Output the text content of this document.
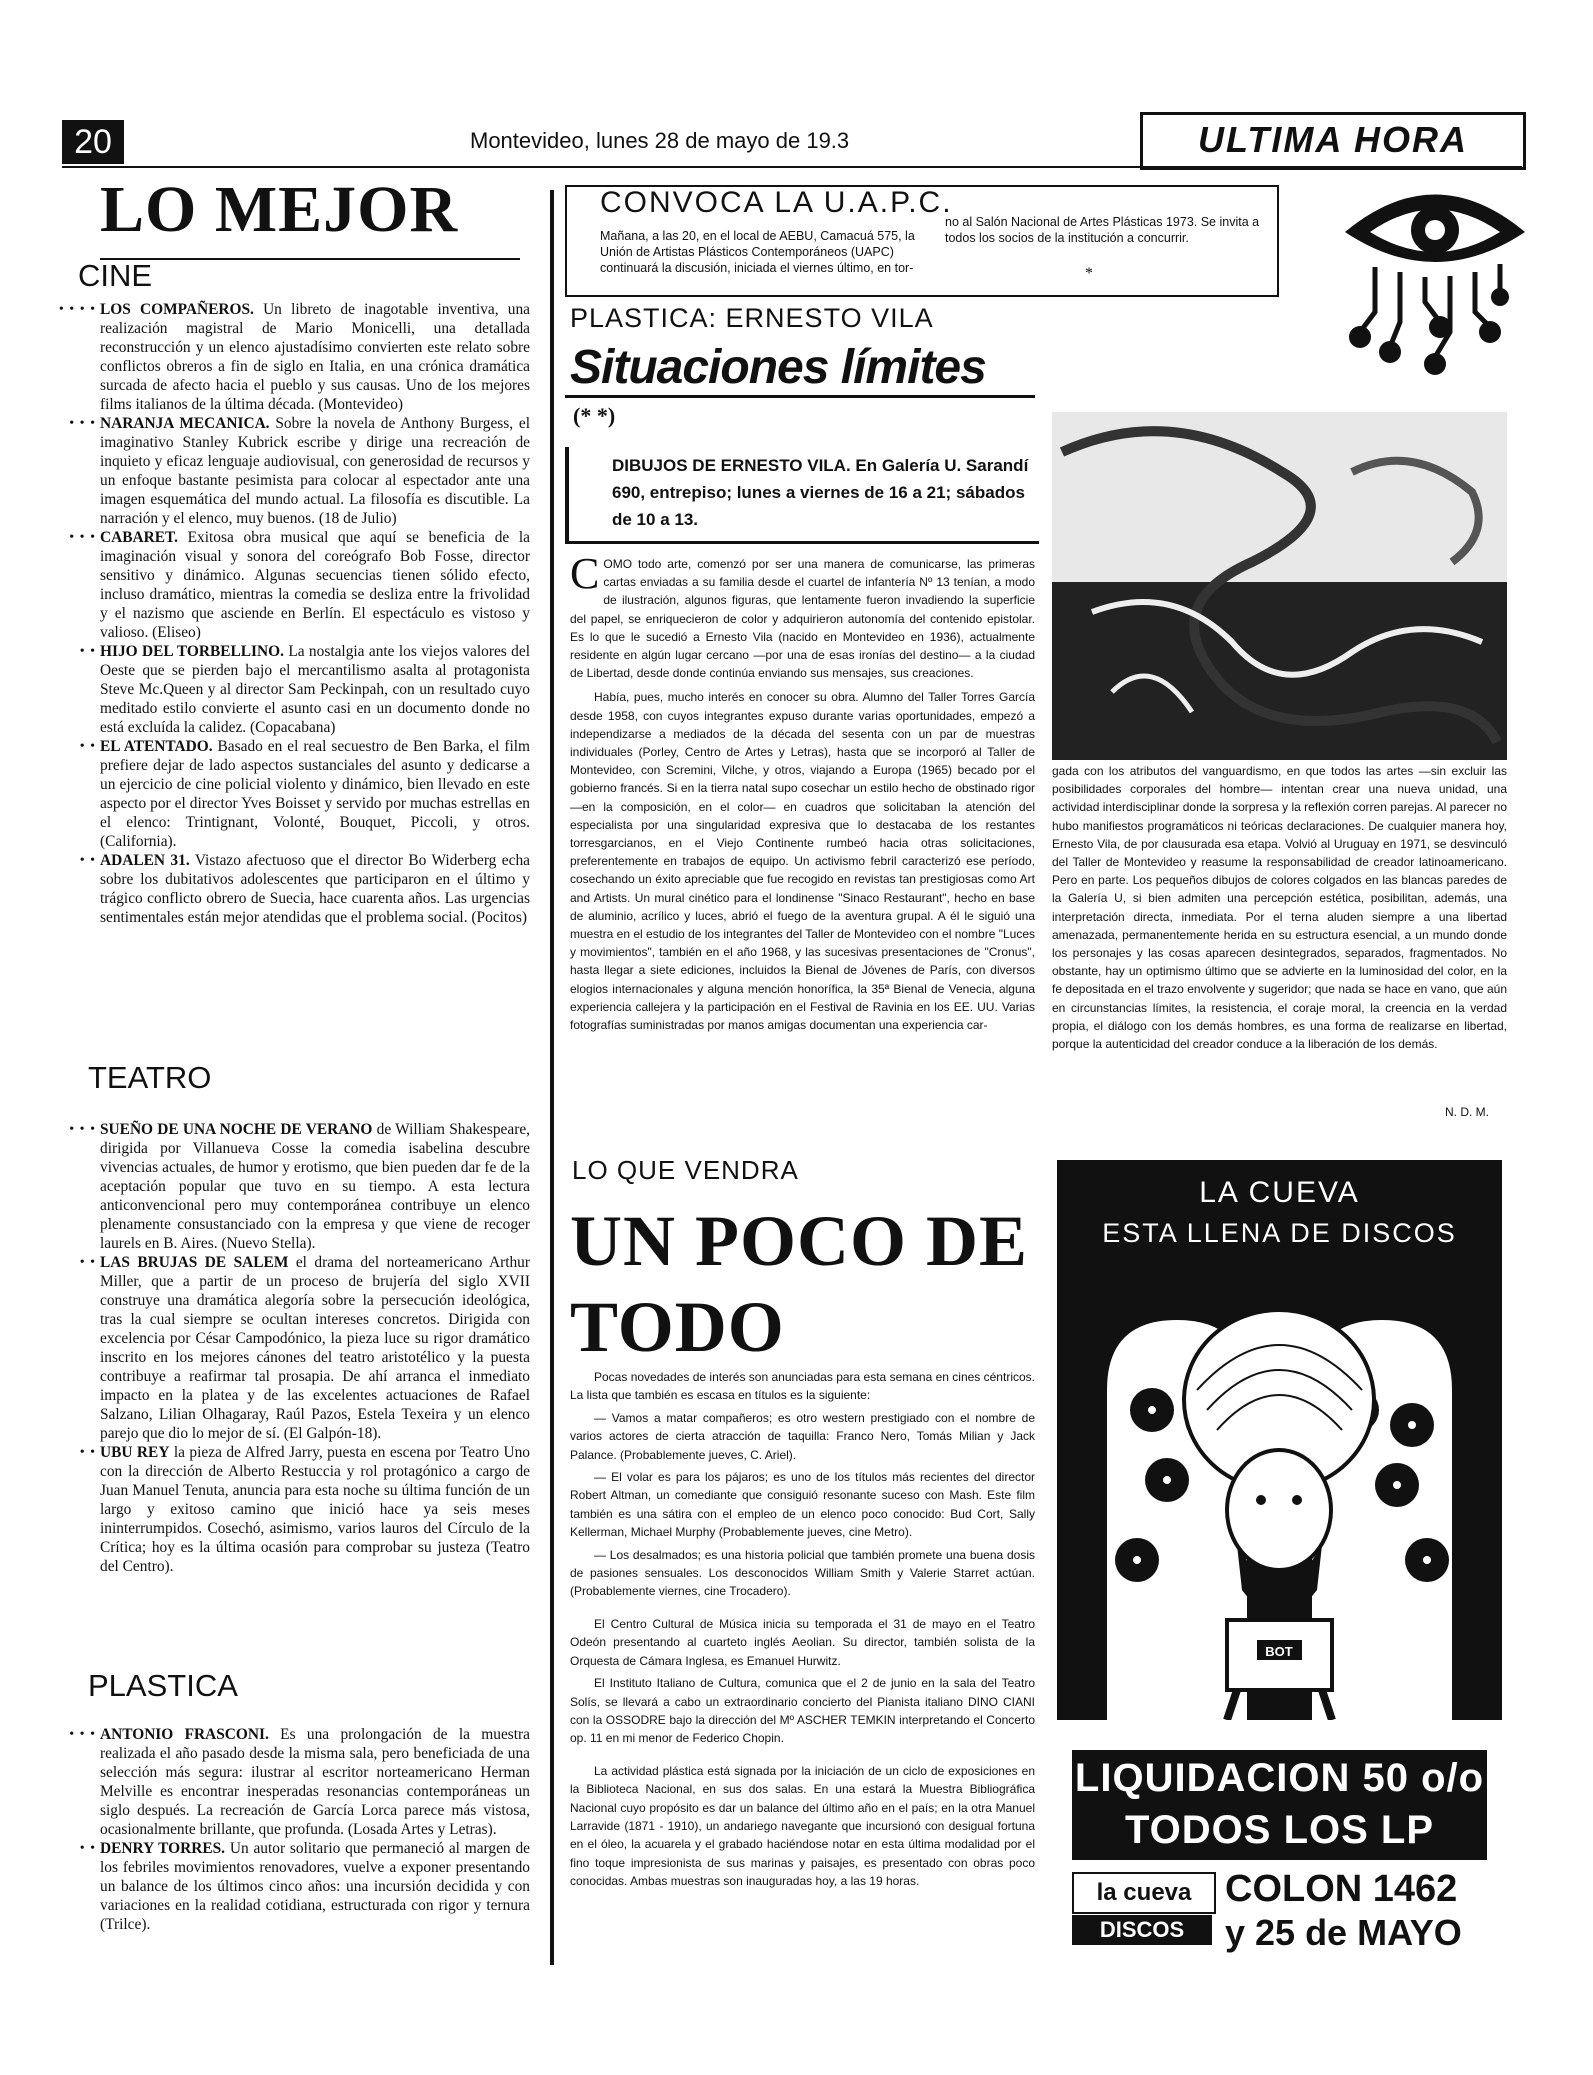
20	Montevideo, lunes 28 de mayo de 19.3	ULTIMA HORA
LO MEJOR
CINE

• • • • LOS COMPAÑEROS. Un libreto de inagotable inventiva, una realización magistral de Mario Monicelli, una detallada reconstrucción y un elenco ajustadísimo convierten este relato sobre conflictos obreros a fin de siglo en Italia, en una crónica dramática surcada de afecto hacia el pueblo y sus causas. Uno de los mejores films italianos de la última década. (Montevideo)

• • • NARANJA MECANICA. Sobre la novela de Anthony Burgess, el imaginativo Stanley Kubrick escribe y dirige una recreación de inquieto y eficaz lenguaje audiovisual, con generosidad de recursos y un enfoque bastante pesimista para colocar al espectador ante una imagen esquemática del mundo actual. La filosofía es discutible. La narración y el elenco, muy buenos. (18 de Julio)

• • • CABARET. Exitosa obra musical que aquí se beneficia de la imaginación visual y sonora del coreógrafo Bob Fosse, director sensitivo y dinámico. Algunas secuencias tienen sólido efecto, incluso dramático, mientras la comedia se desliza entre la frivolidad y el nazismo que asciende en Berlín. El espectáculo es vistoso y valioso. (Eliseo)

• • HIJO DEL TORBELLINO. La nostalgia ante los viejos valores del Oeste que se pierden bajo el mercantilismo asalta al protagonista Steve Mc.Queen y al director Sam Peckinpah, con un resultado cuyo meditado estilo convierte el asunto casi en un documento donde no está excluída la calidez. (Copacabana)

• • EL ATENTADO. Basado en el real secuestro de Ben Barka, el film prefiere dejar de lado aspectos sustanciales del asunto y dedicarse a un ejercicio de cine policial violento y dinámico, bien llevado en este aspecto por el director Yves Boisset y servido por muchas estrellas en el elenco: Trintignant, Volonté, Bouquet, Piccoli, y otros. (California).

• • ADALEN 31. Vistazo afectuoso que el director Bo Widerberg echa sobre los dubitativos adolescentes que participaron en el último y trágico conflicto obrero de Suecia, hace cuarenta años. Las urgencias sentimentales están mejor atendidas que el problema social. (Pocitos)

TEATRO

• • • SUEÑO DE UNA NOCHE DE VERANO de William Shakespeare, dirigida por Villanueva Cosse la comedia isabelina descubre vivencias actuales, de humor y erotismo, que bien pueden dar fe de la aceptación popular que tuvo en su tiempo. A esta lectura anticonvencional pero muy contemporánea contribuye un elenco plenamente consustanciado con la empresa y que viene de recoger laurels en B. Aires. (Nuevo Stella).

• • LAS BRUJAS DE SALEM el drama del norteamericano Arthur Miller, que a partir de un proceso de brujería del siglo XVII construye una dramática alegoría sobre la persecución ideológica, tras la cual siempre se ocultan intereses concretos. Dirigida con excelencia por César Campodónico, la pieza luce su rigor dramático inscrito en los mejores cánones del teatro aristotélico y la puesta contribuye a reafirmar tal prosapia. De ahí arranca el inmediato impacto en la platea y de las excelentes actuaciones de Rafael Salzano, Lilian Olhagaray, Raúl Pazos, Estela Texeira y un elenco parejo que dio lo mejor de sí. (El Galpón-18).

• • UBU REY la pieza de Alfred Jarry, puesta en escena por Teatro Uno con la dirección de Alberto Restuccia y rol protagónico a cargo de Juan Manuel Tenuta, anuncia para esta noche su última función de un largo y exitoso camino que inició hace ya seis meses ininterrumpidos. Cosechó, asimismo, varios lauros del Círculo de la Crítica; hoy es la última ocasión para comprobar su justeza (Teatro del Centro).

PLASTICA

• • • ANTONIO FRASCONI. Es una prolongación de la muestra realizada el año pasado desde la misma sala, pero beneficiada de una selección más segura: ilustrar al escritor norteamericano Herman Melville es encontrar inesperadas resonancias contemporáneas un siglo después. La recreación de García Lorca parece más vistosa, ocasionalmente brillante, que profunda. (Losada Artes y Letras).

• • DENRY TORRES. Un autor solitario que permaneció al margen de los febriles movimientos renovadores, vuelve a exponer presentando un balance de los últimos cinco años: una incursión decidida y con variaciones en la realidad cotidiana, estructurada con rigor y ternura (Trilce).

CONVOCA LA U.A.P.C.
Mañana, a las 20, en el local de AEBU, Camacuá 575, la Unión de Artistas Plásticos Contemporáneos (UAPC) continuará la discusión, iniciada el viernes último, en tor-
no al Salón Nacional de Artes Plásticas 1973. Se invita a todos los socios de la institución a concurrir.
*
PLASTICA: ERNESTO VILA
Situaciones límites
(* *)
DIBUJOS DE ERNESTO VILA. En Galería U. Sarandí 690, entrepiso; lunes a viernes de 16 a 21; sábados de 10 a 13.
COMO todo arte, comenzó por ser una manera de comunicarse, las primeras cartas enviadas a su familia desde el cuartel de infantería Nº 13 tenían, a modo de ilustración, algunos figuras, que lentamente fueron invadiendo la superficie del papel, se enriquecieron de color y adquirieron autonomía del contenido epistolar. Es lo que le sucedió a Ernesto Vila (nacido en Montevideo en 1936), actualmente residente en algún lugar cercano —por una de esas ironías del destino— a la ciudad de Libertad, desde donde continúa enviando sus mensajes, sus creaciones.
Había, pues, mucho interés en conocer su obra. Alumno del Taller Torres García desde 1958, con cuyos integrantes expuso durante varias oportunidades, empezó a independizarse a mediados de la década del sesenta con un par de muestras individuales (Porley, Centro de Artes y Letras), hasta que se incorporó al Taller de Montevideo, con Scremini, Vilche, y otros, viajando a Europa (1965) becado por el gobierno francés. Si en la tierra natal supo cosechar un estilo hecho de obstinado rigor —en la composición, en el color— en cuadros que solicitaban la atención del especialista por una singularidad expresiva que lo destacaba de los restantes torresgarcianos, en el Viejo Continente rumbeó hacia otras solicitaciones, preferentemente en trabajos de equipo. Un activismo febril caracterizó ese período, cosechando un éxito apreciable que fue recogido en revistas tan prestigiosas como Art and Artists. Un mural cinético para el londinense "Sinaco Restaurant", hecho en base de aluminio, acrílico y luces, abrió el fuego de la aventura grupal. A él le siguió una muestra en el estudio de los integrantes del Taller de Montevideo con el nombre "Luces y movimientos", también en el año 1968, y las sucesivas presentaciones de "Cronus", hasta llegar a siete ediciones, incluidos la Bienal de Jóvenes de París, con diversos elogios internacionales y alguna mención honorífica, la 35ª Bienal de Venecia, alguna experiencia callejera y la participación en el Festival de Ravinia en los EE. UU. Varias fotografías suministradas por manos amigas documentan una experiencia car-
gada con los atributos del vanguardismo, en que todos las artes —sin excluir las posibilidades corporales del hombre— intentan crear una nueva unidad, una actividad interdisciplinar donde la sorpresa y la reflexión corren parejas. Al parecer no hubo manifiestos programáticos ni teóricas declaraciones. De cualquier manera hoy, Ernesto Vila, de por clausurada esa etapa. Volvió al Uruguay en 1971, se desvinculó del Taller de Montevideo y reasume la responsabilidad de creador latinoamericano. Pero en parte. Los pequeños dibujos de colores colgados en las blancas paredes de la Galería U, si bien admiten una percepción estética, posibilitan, además, una interpretación directa, inmediata. Por el terna aluden siempre a una libertad amenazada, permanentemente herida en su estructura esencial, a un mundo donde los personajes y las cosas aparecen desintegrados, separados, fragmentados. No obstante, hay un optimismo último que se advierte en la luminosidad del color, en la fe depositada en el trazo envolvente y sugeridor; que nada se hace en vano, que aún en circunstancias límites, la resistencia, el coraje moral, la creencia en la verdad propia, el diálogo con los demás hombres, es una forma de realizarse en libertad, porque la autenticidad del creador conduce a la liberación de los demás.
N. D. M.
LO QUE VENDRA
UN POCO DE
TODO
Pocas novedades de interés son anunciadas para esta semana en cines céntricos. La lista que también es escasa en títulos es la siguiente:
— Vamos a matar compañeros; es otro western prestigiado con el nombre de varios actores de cierta atracción de taquilla: Franco Nero, Tomás Milian y Jack Palance. (Probablemente jueves, C. Ariel).
— El volar es para los pájaros; es uno de los títulos más recientes del director Robert Altman, un comediante que consiguió resonante suceso con Mash. Este film también es una sátira con el empleo de un elenco poco conocido: Bud Cort, Sally Kellerman, Michael Murphy (Probablemente jueves, cine Metro).
— Los desalmados; es una historia policial que también promete una buena dosis de pasiones sensuales. Los desconocidos William Smith y Valerie Starret actúan. (Probablemente viernes, cine Trocadero).
El Centro Cultural de Música inicia su temporada el 31 de mayo en el Teatro Odeón presentando al cuarteto inglés Aeolian. Su director, también solista de la Orquesta de Cámara Inglesa, es Emanuel Hurwitz.
El Instituto Italiano de Cultura, comunica que el 2 de junio en la sala del Teatro Solís, se llevará a cabo un extraordinario concierto del Pianista italiano DINO CIANI con la OSSODRE bajo la dirección del Mº ASCHER TEMKIN interpretando el Concerto op. 11 en mi menor de Federico Chopin.
La actividad plástica está signada por la iniciación de un ciclo de exposiciones en la Biblioteca Nacional, en sus dos salas. En una estará la Muestra Bibliográfica Nacional cuyo propósito es dar un balance del último año en el país; en la otra Manuel Larravide (1871 - 1910), un andariego navegante que incursionó con desigual fortuna en el óleo, la acuarela y el grabado haciéndose notar en esta última modalidad por el fino toque impresionista de sus marinas y paisajes, es presentado con obras poco conocidas. Ambas muestras son inauguradas hoy, a las 19 horas.
LA CUEVA
ESTA LLENA DE DISCOS
BOT
LIQUIDACION 50 o/o
TODOS LOS LP
la cueva
DISCOS
COLON 1462
y 25 de MAYO
